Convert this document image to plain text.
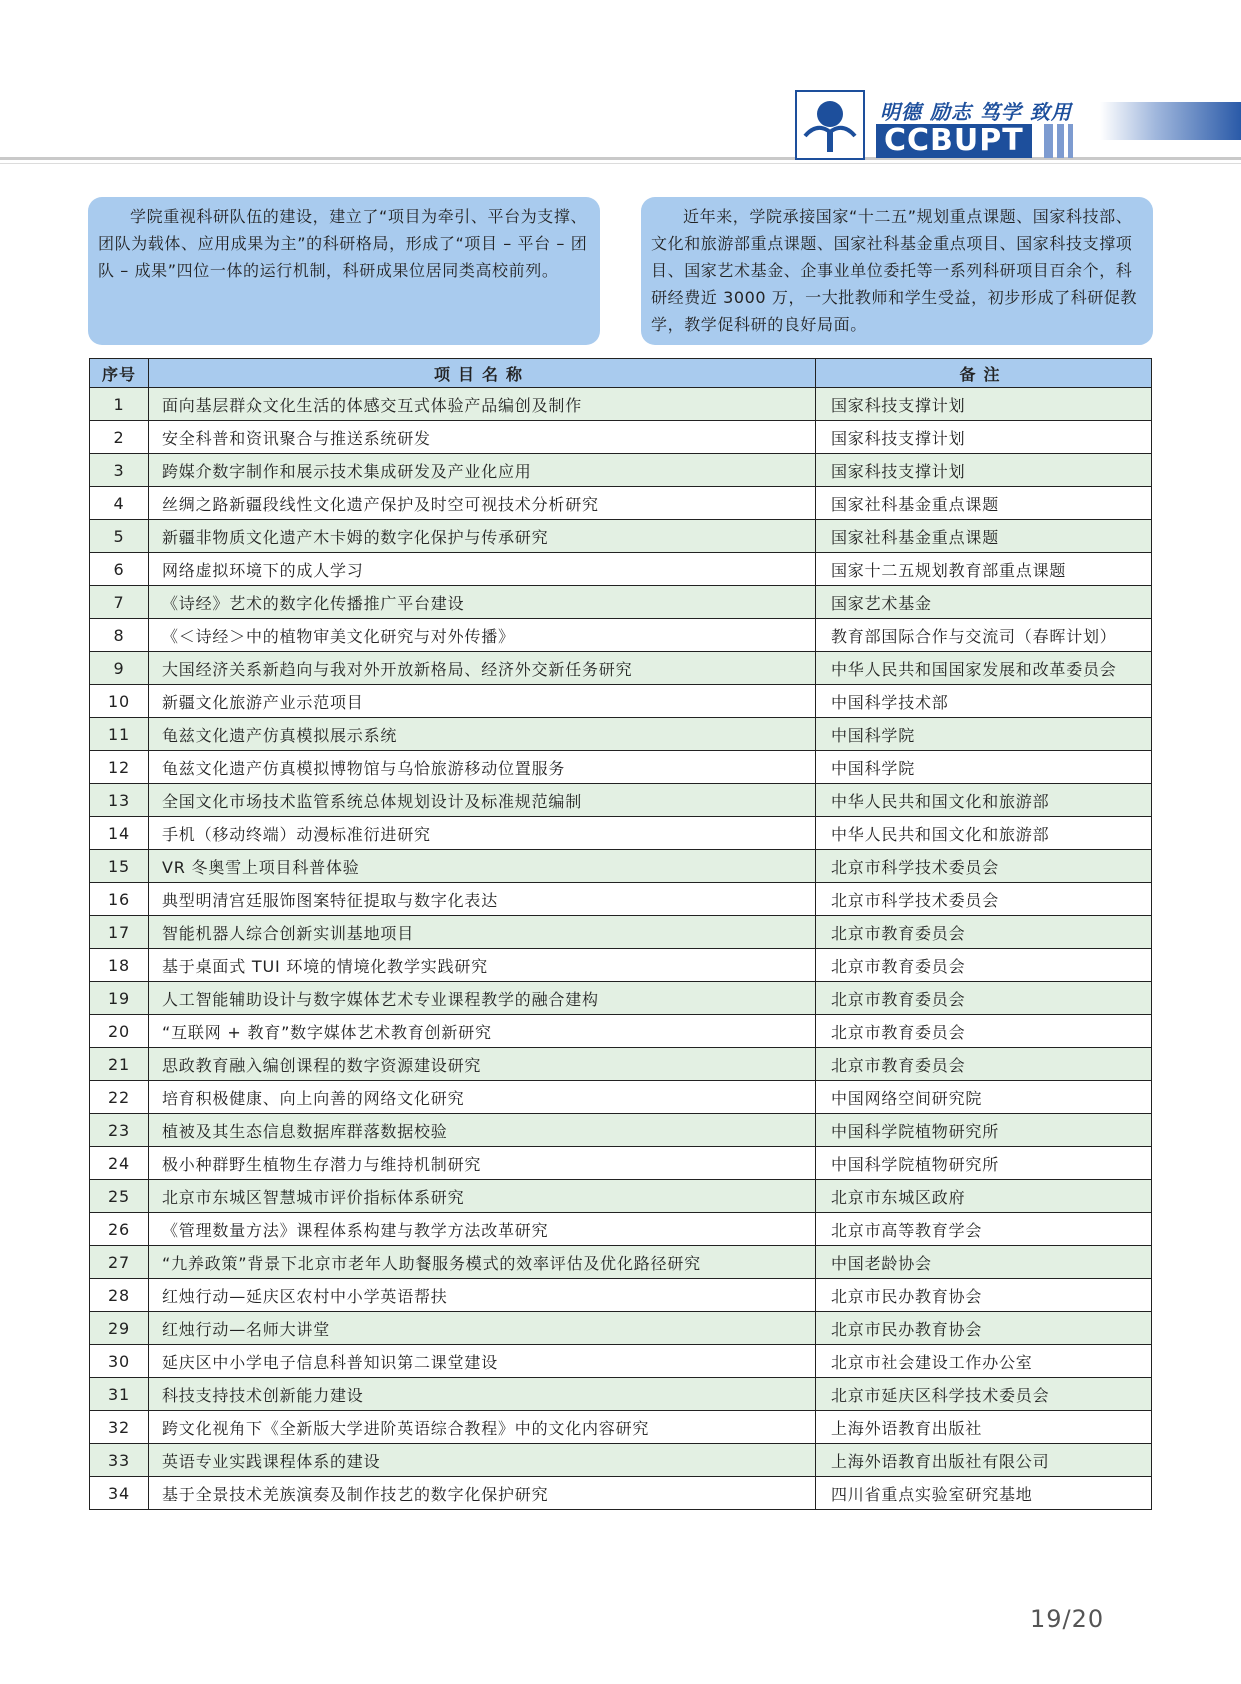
明德 励志 笃学 致用
CCBUPT

学院重视科研队伍的建设，建立了“项目为牵引、平台为支撑、团队为载体、应用成果为主”的科研格局，形成了“项目 – 平台 – 团队 – 成果”四位一体的运行机制，科研成果位居同类高校前列。

近年来，学院承接国家“十二五”规划重点课题、国家科技部、文化和旅游部重点课题、国家社科基金重点项目、国家科技支撑项目、国家艺术基金、企事业单位委托等一系列科研项目百余个，科研经费近 3000 万，一大批教师和学生受益，初步形成了科研促教学，教学促科研的良好局面。

序号	项目名称	备注
1	面向基层群众文化生活的体感交互式体验产品编创及制作	国家科技支撑计划
2	安全科普和资讯聚合与推送系统研发	国家科技支撑计划
3	跨媒介数字制作和展示技术集成研发及产业化应用	国家科技支撑计划
4	丝绸之路新疆段线性文化遗产保护及时空可视技术分析研究	国家社科基金重点课题
5	新疆非物质文化遗产木卡姆的数字化保护与传承研究	国家社科基金重点课题
6	网络虚拟环境下的成人学习	国家十二五规划教育部重点课题
7	《诗经》艺术的数字化传播推广平台建设	国家艺术基金
8	《＜诗经＞中的植物审美文化研究与对外传播》	教育部国际合作与交流司（春晖计划）
9	大国经济关系新趋向与我对外开放新格局、经济外交新任务研究	中华人民共和国国家发展和改革委员会
10	新疆文化旅游产业示范项目	中国科学技术部
11	龟兹文化遗产仿真模拟展示系统	中国科学院
12	龟兹文化遗产仿真模拟博物馆与乌恰旅游移动位置服务	中国科学院
13	全国文化市场技术监管系统总体规划设计及标准规范编制	中华人民共和国文化和旅游部
14	手机（移动终端）动漫标准衍进研究	中华人民共和国文化和旅游部
15	VR 冬奥雪上项目科普体验	北京市科学技术委员会
16	典型明清宫廷服饰图案特征提取与数字化表达	北京市科学技术委员会
17	智能机器人综合创新实训基地项目	北京市教育委员会
18	基于桌面式 TUI 环境的情境化教学实践研究	北京市教育委员会
19	人工智能辅助设计与数字媒体艺术专业课程教学的融合建构	北京市教育委员会
20	“互联网 + 教育”数字媒体艺术教育创新研究	北京市教育委员会
21	思政教育融入编创课程的数字资源建设研究	北京市教育委员会
22	培育积极健康、向上向善的网络文化研究	中国网络空间研究院
23	植被及其生态信息数据库群落数据校验	中国科学院植物研究所
24	极小种群野生植物生存潜力与维持机制研究	中国科学院植物研究所
25	北京市东城区智慧城市评价指标体系研究	北京市东城区政府
26	《管理数量方法》课程体系构建与教学方法改革研究	北京市高等教育学会
27	“九养政策”背景下北京市老年人助餐服务模式的效率评估及优化路径研究	中国老龄协会
28	红烛行动—延庆区农村中小学英语帮扶	北京市民办教育协会
29	红烛行动—名师大讲堂	北京市民办教育协会
30	延庆区中小学电子信息科普知识第二课堂建设	北京市社会建设工作办公室
31	科技支持技术创新能力建设	北京市延庆区科学技术委员会
32	跨文化视角下《全新版大学进阶英语综合教程》中的文化内容研究	上海外语教育出版社
33	英语专业实践课程体系的建设	上海外语教育出版社有限公司
34	基于全景技术羌族演奏及制作技艺的数字化保护研究	四川省重点实验室研究基地
19/20
